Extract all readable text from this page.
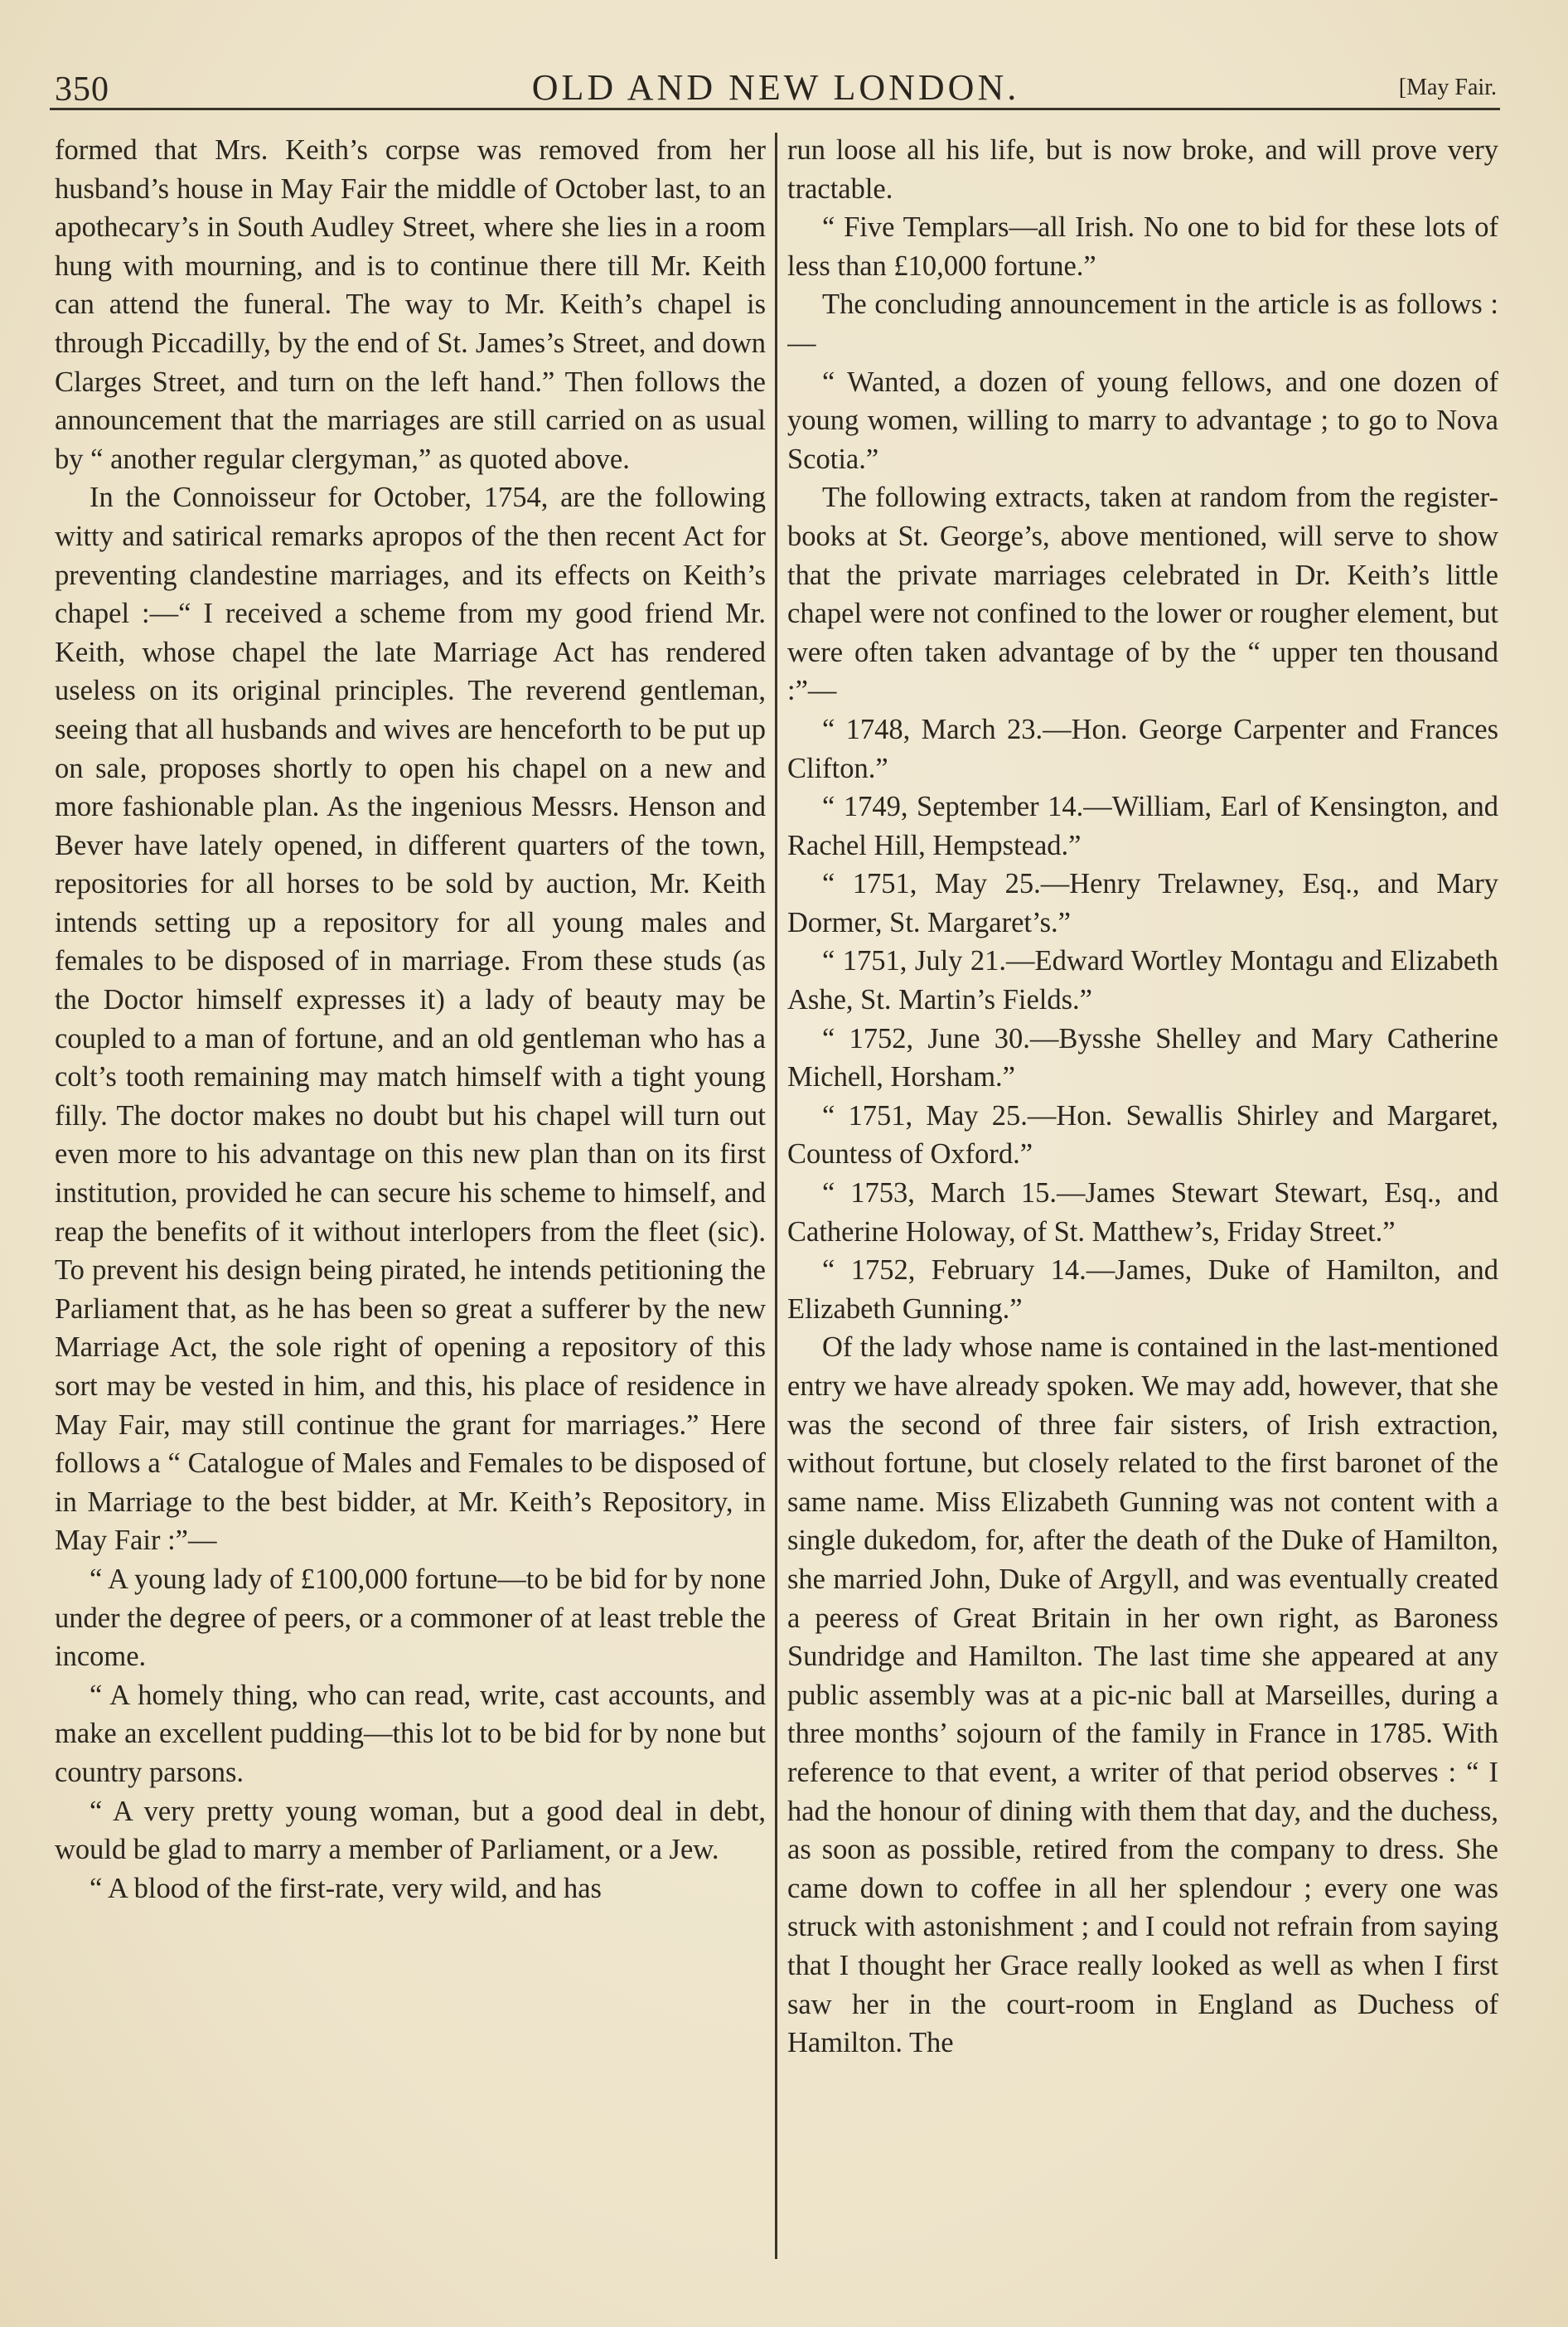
350	OLD AND NEW LONDON.	[May Fair.

formed that Mrs. Keith’s corpse was removed from her husband’s house in May Fair the middle of October last, to an apothecary’s in South Audley Street, where she lies in a room hung with mourning, and is to continue there till Mr. Keith can attend the funeral. The way to Mr. Keith’s chapel is through Piccadilly, by the end of St. James’s Street, and down Clarges Street, and turn on the left hand.” Then follows the announcement that the marriages are still carried on as usual by “ another regular clergyman,” as quoted above.

In the Connoisseur for October, 1754, are the following witty and satirical remarks apropos of the then recent Act for preventing clandestine marriages, and its effects on Keith’s chapel :—“ I received a scheme from my good friend Mr. Keith, whose chapel the late Marriage Act has rendered useless on its original principles. The reverend gentleman, seeing that all husbands and wives are henceforth to be put up on sale, proposes shortly to open his chapel on a new and more fashionable plan. As the ingenious Messrs. Henson and Bever have lately opened, in different quarters of the town, repositories for all horses to be sold by auction, Mr. Keith intends setting up a repository for all young males and females to be disposed of in marriage. From these studs (as the Doctor himself expresses it) a lady of beauty may be coupled to a man of fortune, and an old gentleman who has a colt’s tooth remaining may match himself with a tight young filly. The doctor makes no doubt but his chapel will turn out even more to his advantage on this new plan than on its first institution, provided he can secure his scheme to himself, and reap the benefits of it without interlopers from the fleet (sic). To prevent his design being pirated, he intends petitioning the Parliament that, as he has been so great a sufferer by the new Marriage Act, the sole right of opening a repository of this sort may be vested in him, and this, his place of residence in May Fair, may still continue the grant for marriages.” Here follows a “ Catalogue of Males and Females to be disposed of in Marriage to the best bidder, at Mr. Keith’s Repository, in May Fair :”—

“ A young lady of £100,000 fortune—to be bid for by none under the degree of peers, or a commoner of at least treble the income.

“ A homely thing, who can read, write, cast accounts, and make an excellent pudding—this lot to be bid for by none but country parsons.

“ A very pretty young woman, but a good deal in debt, would be glad to marry a member of Parliament, or a Jew.

“ A blood of the first-rate, very wild, and has

run loose all his life, but is now broke, and will prove very tractable.

“ Five Templars—all Irish. No one to bid for these lots of less than £10,000 fortune.”

The concluding announcement in the article is as follows :—

“ Wanted, a dozen of young fellows, and one dozen of young women, willing to marry to advantage ; to go to Nova Scotia.”

The following extracts, taken at random from the register-books at St. George’s, above mentioned, will serve to show that the private marriages celebrated in Dr. Keith’s little chapel were not confined to the lower or rougher element, but were often taken advantage of by the “ upper ten thousand :”—

“ 1748, March 23.—Hon. George Carpenter and Frances Clifton.”

“ 1749, September 14.—William, Earl of Kensington, and Rachel Hill, Hempstead.”

“ 1751, May 25.—Henry Trelawney, Esq., and Mary Dormer, St. Margaret’s.”

“ 1751, July 21.—Edward Wortley Montagu and Elizabeth Ashe, St. Martin’s Fields.”

“ 1752, June 30.—Bysshe Shelley and Mary Catherine Michell, Horsham.”

“ 1751, May 25.—Hon. Sewallis Shirley and Margaret, Countess of Oxford.”

“ 1753, March 15.—James Stewart Stewart, Esq., and Catherine Holoway, of St. Matthew’s, Friday Street.”

“ 1752, February 14.—James, Duke of Hamilton, and Elizabeth Gunning.”

Of the lady whose name is contained in the last-mentioned entry we have already spoken. We may add, however, that she was the second of three fair sisters, of Irish extraction, without fortune, but closely related to the first baronet of the same name. Miss Elizabeth Gunning was not content with a single dukedom, for, after the death of the Duke of Hamilton, she married John, Duke of Argyll, and was eventually created a peeress of Great Britain in her own right, as Baroness Sundridge and Hamilton. The last time she appeared at any public assembly was at a pic-nic ball at Marseilles, during a three months’ sojourn of the family in France in 1785. With reference to that event, a writer of that period observes : “ I had the honour of dining with them that day, and the duchess, as soon as possible, retired from the company to dress. She came down to coffee in all her splendour ; every one was struck with astonishment ; and I could not refrain from saying that I thought her Grace really looked as well as when I first saw her in the court-room in England as Duchess of Hamilton. The
